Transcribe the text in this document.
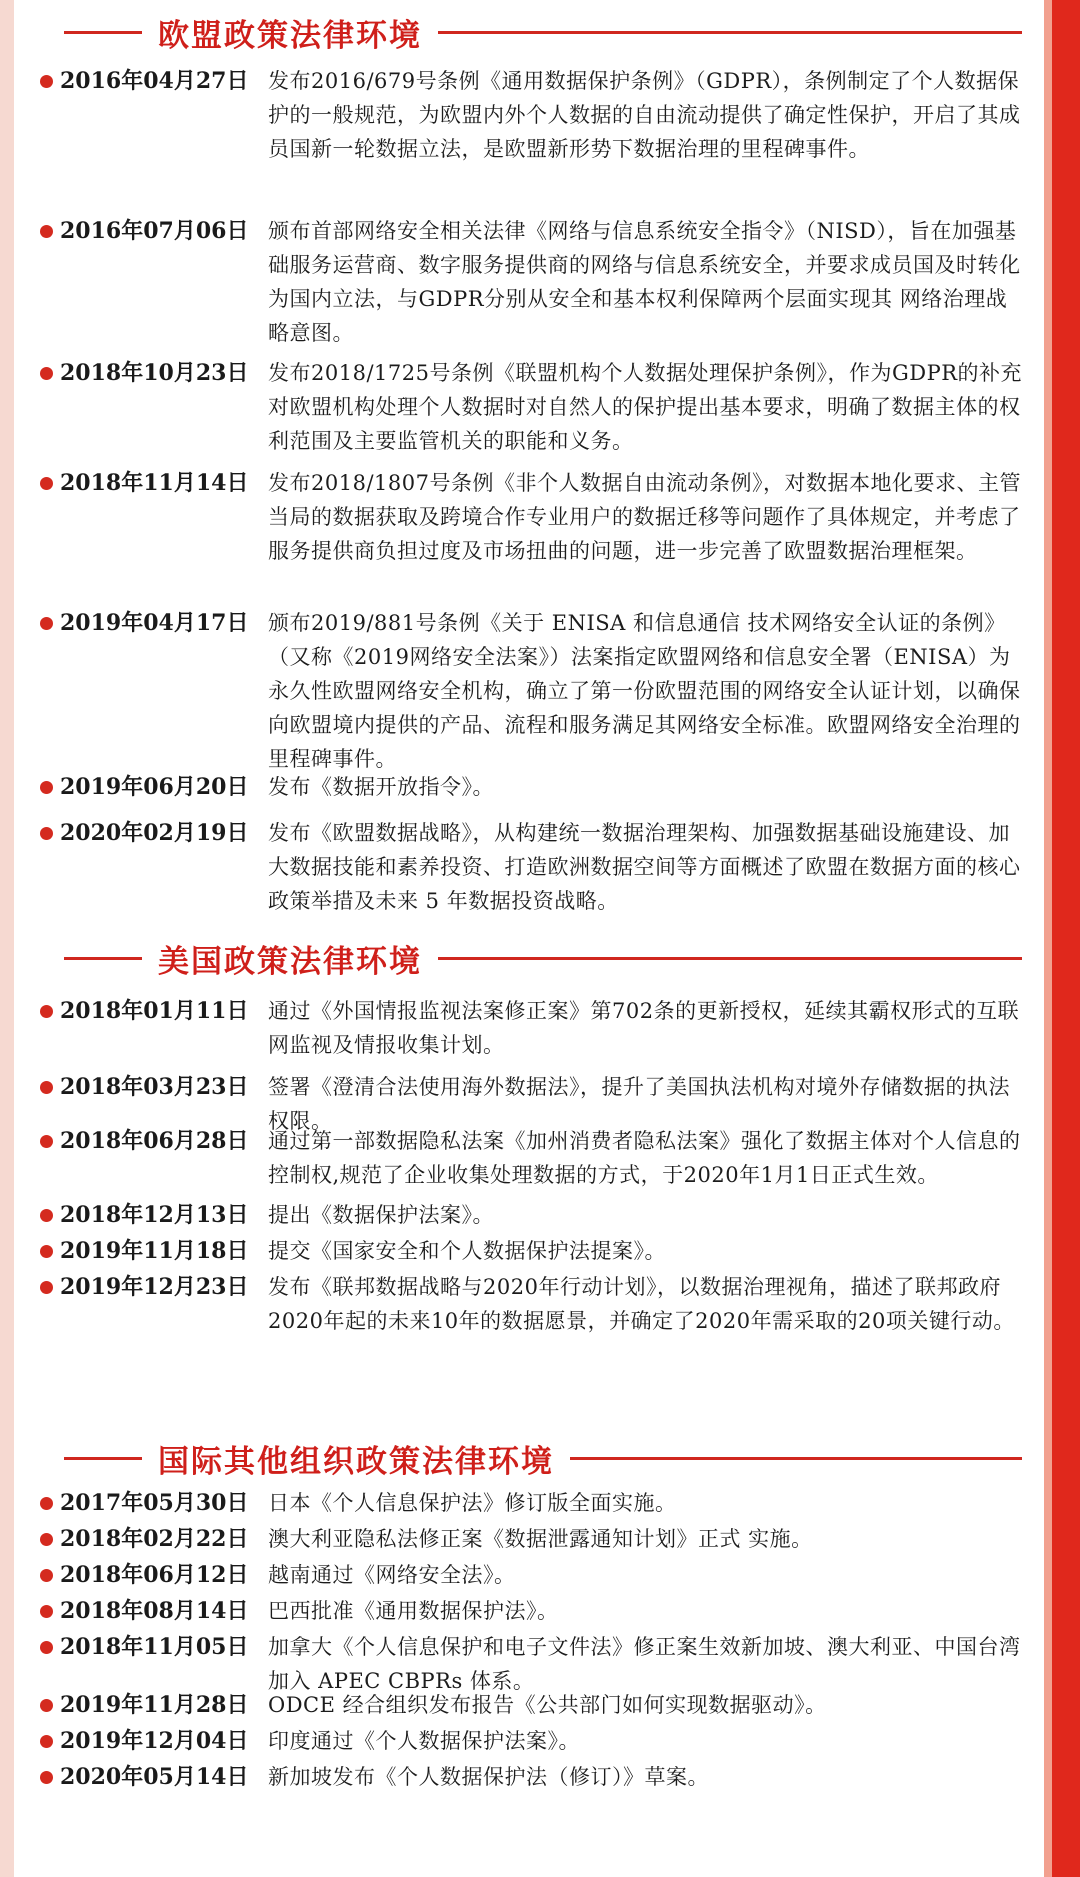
欧盟政策法律环境
2016年04月27日 发布2016/679号条例《通用数据保护条例》（GDPR），条例制定了个人数据保护的一般规范，为欧盟内外个人数据的自由流动提供了确定性保护，开启了其成员国新一轮数据立法，是欧盟新形势下数据治理的里程碑事件。
2016年07月06日 颁布首部网络安全相关法律《网络与信息系统安全指令》（NISD），旨在加强基础服务运营商、数字服务提供商的网络与信息系统安全，并要求成员国及时转化为国内立法，与GDPR分别从安全和基本权利保障两个层面实现其 网络治理战略意图。
2018年10月23日 发布2018/1725号条例《联盟机构个人数据处理保护条例》，作为GDPR的补充对欧盟机构处理个人数据时对自然人的保护提出基本要求，明确了数据主体的权利范围及主要监管机关的职能和义务。
2018年11月14日 发布2018/1807号条例《非个人数据自由流动条例》，对数据本地化要求、主管当局的数据获取及跨境合作专业用户的数据迁移等问题作了具体规定，并考虑了服务提供商负担过度及市场扭曲的问题，进一步完善了欧盟数据治理框架。
2019年04月17日 颁布2019/881号条例《关于 ENISA 和信息通信 技术网络安全认证的条例》（又称《2019网络安全法案》）法案指定欧盟网络和信息安全署（ENISA）为永久性欧盟网络安全机构，确立了第一份欧盟范围的网络安全认证计划，以确保向欧盟境内提供的产品、流程和服务满足其网络安全标准。欧盟网络安全治理的里程碑事件。
2019年06月20日 发布《数据开放指令》。
2020年02月19日 发布《欧盟数据战略》，从构建统一数据治理架构、加强数据基础设施建设、加大数据技能和素养投资、打造欧洲数据空间等方面概述了欧盟在数据方面的核心政策举措及未来 5 年数据投资战略。
美国政策法律环境
2018年01月11日 通过《外国情报监视法案修正案》第702条的更新授权，延续其霸权形式的互联网监视及情报收集计划。
2018年03月23日 签署《澄清合法使用海外数据法》，提升了美国执法机构对境外存储数据的执法权限。
2018年06月28日 通过第一部数据隐私法案《加州消费者隐私法案》强化了数据主体对个人信息的控制权,规范了企业收集处理数据的方式，于2020年1月1日正式生效。
2018年12月13日 提出《数据保护法案》。
2019年11月18日 提交《国家安全和个人数据保护法提案》。
2019年12月23日 发布《联邦数据战略与2020年行动计划》，以数据治理视角，描述了联邦政府2020年起的未来10年的数据愿景，并确定了2020年需采取的20项关键行动。
国际其他组织政策法律环境
2017年05月30日 日本《个人信息保护法》修订版全面实施。
2018年02月22日 澳大利亚隐私法修正案《数据泄露通知计划》正式 实施。
2018年06月12日 越南通过《网络安全法》。
2018年08月14日 巴西批准《通用数据保护法》。
2018年11月05日 加拿大《个人信息保护和电子文件法》修正案生效新加坡、澳大利亚、中国台湾加入 APEC CBPRs 体系。
2019年11月28日 ODCE 经合组织发布报告《公共部门如何实现数据驱动》。
2019年12月04日 印度通过《个人数据保护法案》。
2020年05月14日 新加坡发布《个人数据保护法（修订）》草案。
